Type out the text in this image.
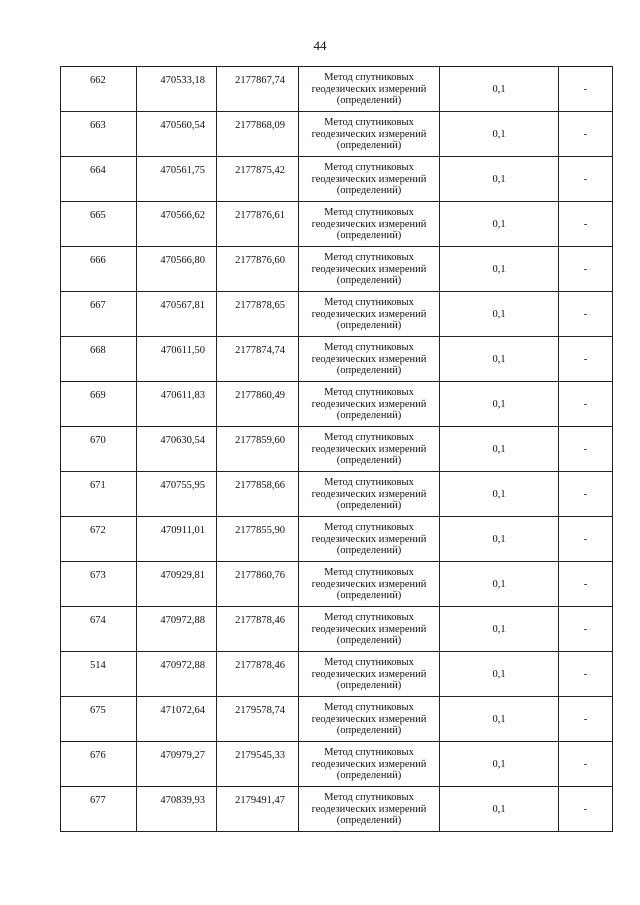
44
662	470533,18	2177867,74	Метод спутниковых геодезических измерений (определений)	0,1	-
663	470560,54	2177868,09	Метод спутниковых геодезических измерений (определений)	0,1	-
664	470561,75	2177875,42	Метод спутниковых геодезических измерений (определений)	0,1	-
665	470566,62	2177876,61	Метод спутниковых геодезических измерений (определений)	0,1	-
666	470566,80	2177876,60	Метод спутниковых геодезических измерений (определений)	0,1	-
667	470567,81	2177878,65	Метод спутниковых геодезических измерений (определений)	0,1	-
668	470611,50	2177874,74	Метод спутниковых геодезических измерений (определений)	0,1	-
669	470611,83	2177860,49	Метод спутниковых геодезических измерений (определений)	0,1	-
670	470630,54	2177859,60	Метод спутниковых геодезических измерений (определений)	0,1	-
671	470755,95	2177858,66	Метод спутниковых геодезических измерений (определений)	0,1	-
672	470911,01	2177855,90	Метод спутниковых геодезических измерений (определений)	0,1	-
673	470929,81	2177860,76	Метод спутниковых геодезических измерений (определений)	0,1	-
674	470972,88	2177878,46	Метод спутниковых геодезических измерений (определений)	0,1	-
514	470972,88	2177878,46	Метод спутниковых геодезических измерений (определений)	0,1	-
675	471072,64	2179578,74	Метод спутниковых геодезических измерений (определений)	0,1	-
676	470979,27	2179545,33	Метод спутниковых геодезических измерений (определений)	0,1	-
677	470839,93	2179491,47	Метод спутниковых геодезических измерений (определений)	0,1	-
